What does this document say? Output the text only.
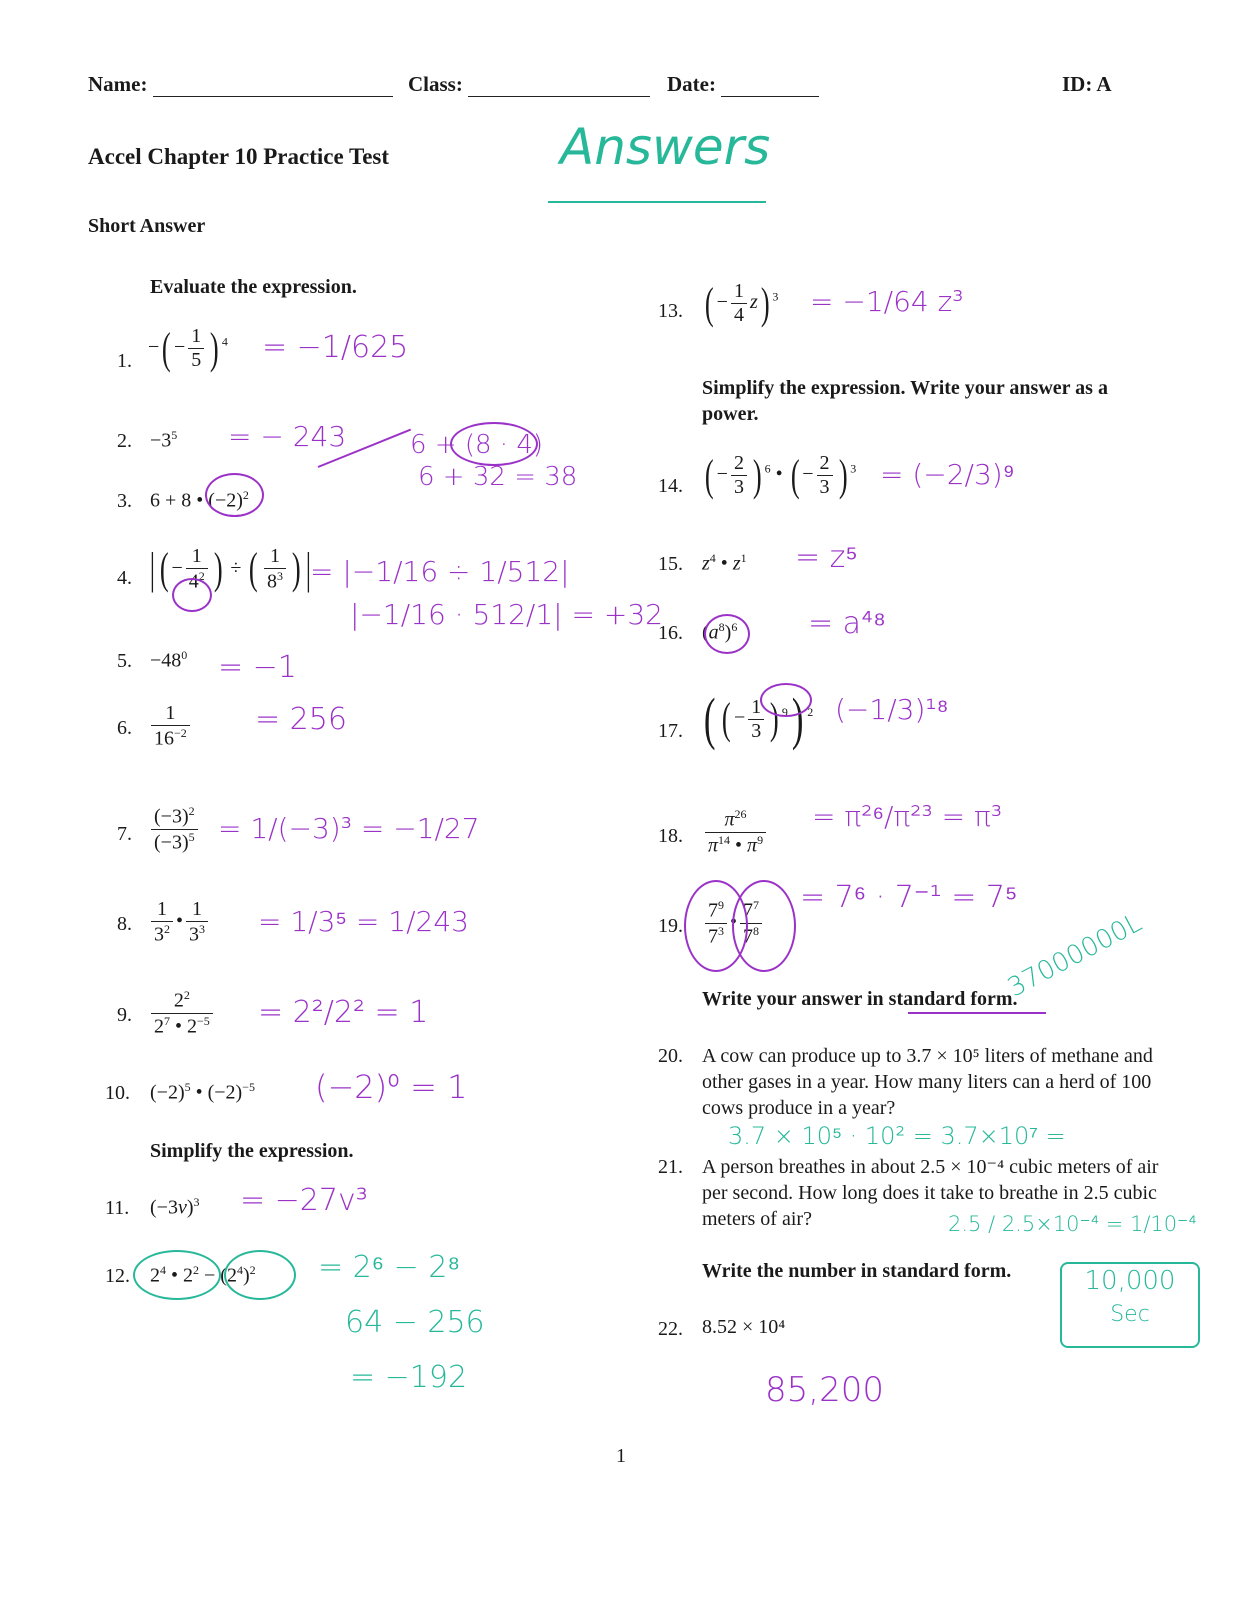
Name:	Class:	Date:	ID: A
Accel Chapter 10 Practice Test	Answers
Short Answer
Evaluate the expression.
1.
−( − $\frac{1}{5}$ ) $^4$ = −1/625
2. $-3^5$ = − 243
3. 6 + 8 • $(-2)^2$
6 + (8 · 4)
6 + 32 = 38
4. | ( − $\frac{1}{4^2}$ ) ÷ ( $\frac{1}{8^3}$ ) | = |−1/16 ÷ 1/512|
|−1/16 · 512/1| = +32
5. $-48^0 = -1$
6. $\frac{1}{16^{-2}} = 256$
7. $\frac{(-3)^2}{(-3)^5} = 1/(-3)^3 = -1/27$
8. $\frac{1}{3^2}$ • $\frac{1}{3^3} = 1/3^5 = 1/243$
9. $\frac{2^2}{2^7 • 2^{-5}} = 2^2/2^2 = 1$
10. $(-2)^5$ • $(-2)^{-5}$ (−2)⁰ = 1
Simplify the expression.
11. $(-3v)^3 = -27v^3$
12. $2^4$ • $2^2 - (2^4)^2 = 2^6 - 2^8$
64 − 256
= −192
13. ( − $\frac{1}{4} z$) $^3$ = −1/64 z³
Simplify the expression. Write your answer as a power.
14. ( − $\frac{2}{3}$ ) $^6$ • ( − $\frac{2}{3}$ ) $^3$ = (−2/3)⁹
15. $z^4$ • $z^1 = z^5$
16. $(a^8)^6 = a^{48}$
17. ( ( − $\frac{1}{3}$ ) $^9$) $^2$ (−1/3)¹⁸
18. $\frac{\pi^{26}}{\pi^{14} • \pi^9} = \pi^{26}/\pi^{23} = \pi^3$
19. $\frac{7^9}{7^3}$ • $\frac{7^7}{7^8}$
= 7⁶ · 7⁻¹ = 7⁵
Write your answer in standard form.
20. A cow can produce up to 3.7 × 10⁵ liters of methane and other gases in a year. How many liters can a herd of 100 cows produce in a year?
3.7 × 10⁵ · 10² = 3.7×10⁷ =
37000000L
21. A person breathes in about 2.5 × 10⁻⁴ cubic meters of air per second. How long does it take to breathe in 2.5 cubic meters of air?	2.5 / 2.5×10⁻⁴ = 1/10⁻⁴
10,000
Sec
Write the number in standard form.
22. 8.52 × 10⁴
85,200
1
